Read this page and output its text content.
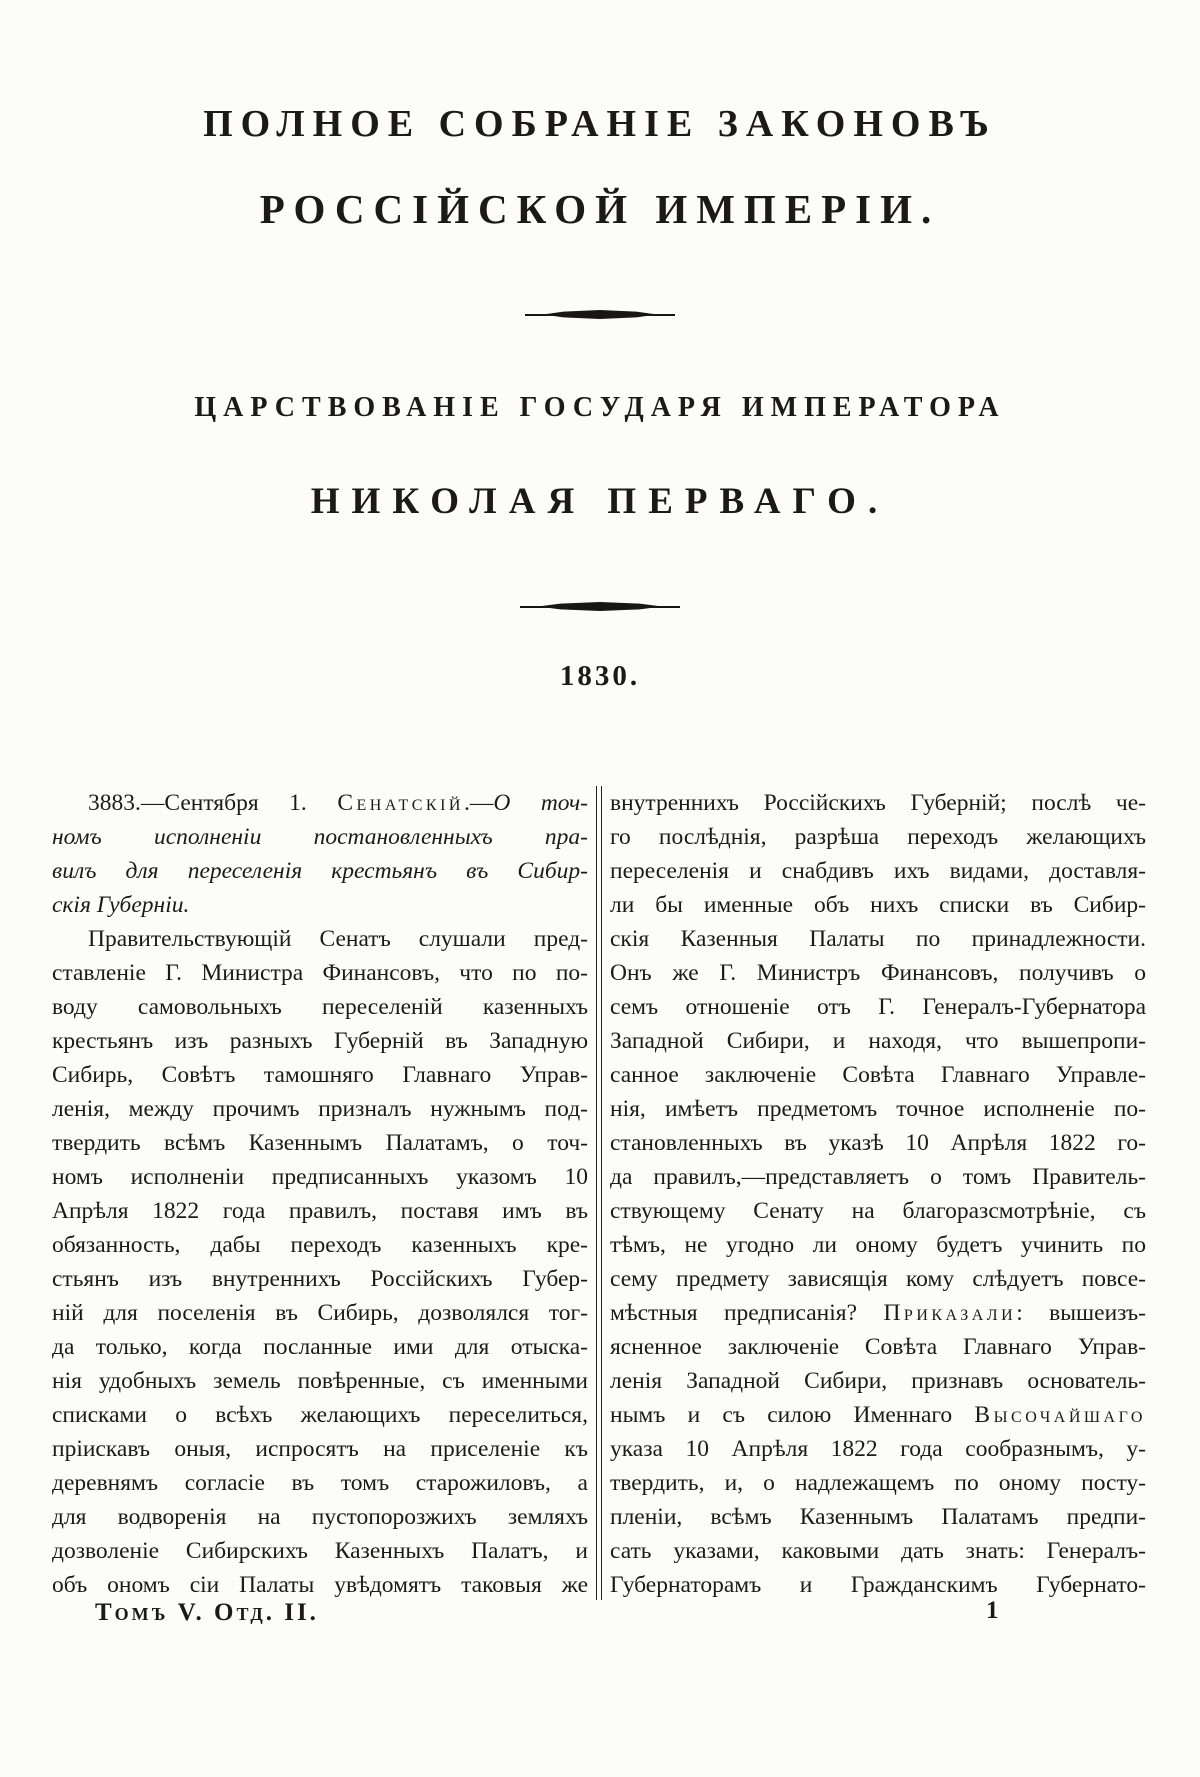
ПОЛНОЕ СОБРАНІЕ ЗАКОНОВЪ
РОССІЙСКОЙ ИМПЕРІИ.
ЦАРСТВОВАНІЕ ГОСУДАРЯ ИМПЕРАТОРА
НИКОЛАЯ ПЕРВАГО.
1830.
3883.—Сентября 1. Сенатскій.—О точ-
номъ исполненіи постановленныхъ пра-
вилъ для переселенія крестьянъ въ Сибир-
скія Губерніи.
Правительствующій Сенатъ слушали пред-
ставленіе Г. Министра Финансовъ, что по по-
воду самовольныхъ переселеній казенныхъ
крестьянъ изъ разныхъ Губерній въ Западную
Сибирь, Совѣтъ тамошняго Главнаго Управ-
ленія, между прочимъ призналъ нужнымъ под-
твердить всѣмъ Казеннымъ Палатамъ, о точ-
номъ исполненіи предписанныхъ указомъ 10
Апрѣля 1822 года правилъ, поставя имъ въ
обязанность, дабы переходъ казенныхъ кре-
стьянъ изъ внутреннихъ Россійскихъ Губер-
ній для поселенія въ Сибирь, дозволялся тог-
да только, когда посланные ими для отыска-
нія удобныхъ земель повѣренные, съ именными
списками о всѣхъ желающихъ переселиться,
пріискавъ оныя, испросятъ на приселеніе къ
деревнямъ согласіе въ томъ старожиловъ, а
для водворенія на пустопорозжихъ земляхъ
дозволеніе Сибирскихъ Казенныхъ Палатъ, и
объ ономъ сіи Палаты увѣдомятъ таковыя же
внутреннихъ Россійскихъ Губерній; послѣ че-
го послѣднія, разрѣша переходъ желающихъ
переселенія и снабдивъ ихъ видами, доставля-
ли бы именные объ нихъ списки въ Сибир-
скія Казенныя Палаты по принадлежности.
Онъ же Г. Министръ Финансовъ, получивъ о
семъ отношеніе отъ Г. Генералъ-Губернатора
Западной Сибири, и находя, что вышепропи-
санное заключеніе Совѣта Главнаго Управле-
нія, имѣетъ предметомъ точное исполненіе по-
становленныхъ въ указѣ 10 Апрѣля 1822 го-
да правилъ,—представляетъ о томъ Правитель-
ствующему Сенату на благоразсмотрѣніе, съ
тѣмъ, не угодно ли оному будетъ учинить по
сему предмету зависящія кому слѣдуетъ повсе-
мѣстныя предписанія? Приказали: вышеизъ-
ясненное заключеніе Совѣта Главнаго Управ-
ленія Западной Сибири, признавъ основатель-
нымъ и съ силою Именнаго Высочайшаго
указа 10 Апрѣля 1822 года сообразнымъ, у-
твердить, и, о надлежащемъ по оному посту-
пленіи, всѣмъ Казеннымъ Палатамъ предпи-
сать указами, каковыми дать знать: Генералъ-
Губернаторамъ и Гражданскимъ Губернато-
Томъ V. Отд. II.	1
